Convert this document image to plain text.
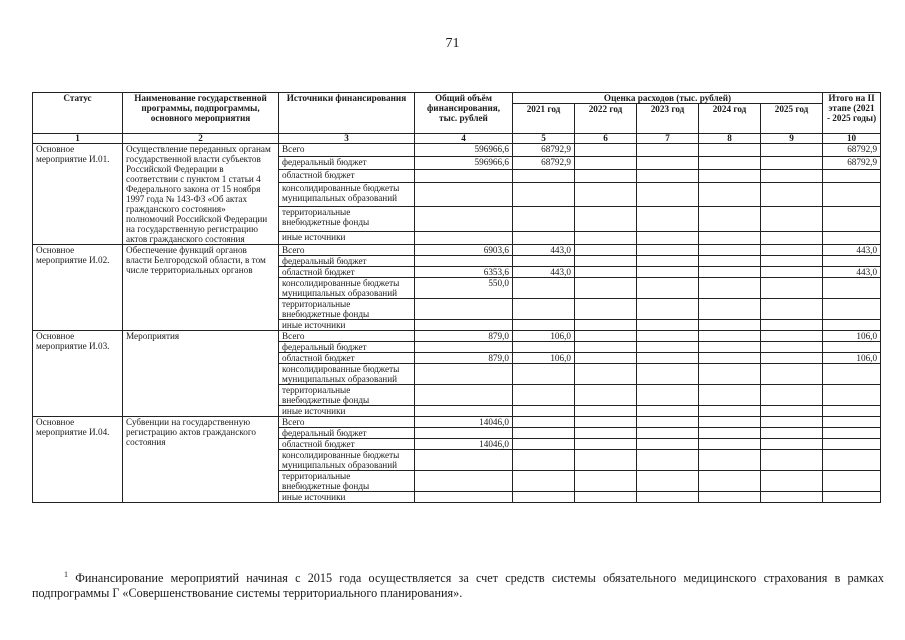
71
Статус	Наименование государственной программы, подпрограммы, основного мероприятия	Источники финансирования	Общий объём финансирования, тыс. рублей	Оценка расходов (тыс. рублей)					Итого на II этапе (2021 - 2025 годы)
				2021 год	2022 год	2023 год	2024 год	2025 год	
1	2	3	4	5	6	7	8	9	10
Основное мероприятие И.01.	Осуществление переданных органам государственной власти субъектов Российской Федерации в соответствии с пунктом 1 статьи 4 Федерального закона от 15 ноября 1997 года № 143-ФЗ «Об актах гражданского состояния» полномочий Российской Федерации на государственную регистрацию актов гражданского состояния	Всего	596966,6	68792,9					68792,9
		федеральный бюджет	596966,6	68792,9					68792,9
		областной бюджет							
		консолидированные бюджеты муниципальных образований							
		территориальные внебюджетные фонды							
		иные источники							
Основное мероприятие И.02.	Обеспечение функций органов власти Белгородской области, в том числе территориальных органов	Всего	6903,6	443,0					443,0
		федеральный бюджет							
		областной бюджет	6353,6	443,0					443,0
		консолидированные бюджеты муниципальных образований	550,0						
		территориальные внебюджетные фонды							
		иные источники							
Основное мероприятие И.03.	Мероприятия	Всего	879,0	106,0					106,0
		федеральный бюджет							
		областной бюджет	879,0	106,0					106,0
		консолидированные бюджеты муниципальных образований							
		территориальные внебюджетные фонды							
		иные источники							
Основное мероприятие И.04.	Субвенции на государственную регистрацию актов гражданского состояния	Всего	14046,0						
		федеральный бюджет							
		областной бюджет	14046,0						
		консолидированные бюджеты муниципальных образований							
		территориальные внебюджетные фонды							
		иные источники							
$^1$ Финансирование мероприятий начиная с 2015 года осуществляется за счет средств системы обязательного медицинского страхования в рамках подпрограммы Г «Совершенствование системы территориального планирования».
